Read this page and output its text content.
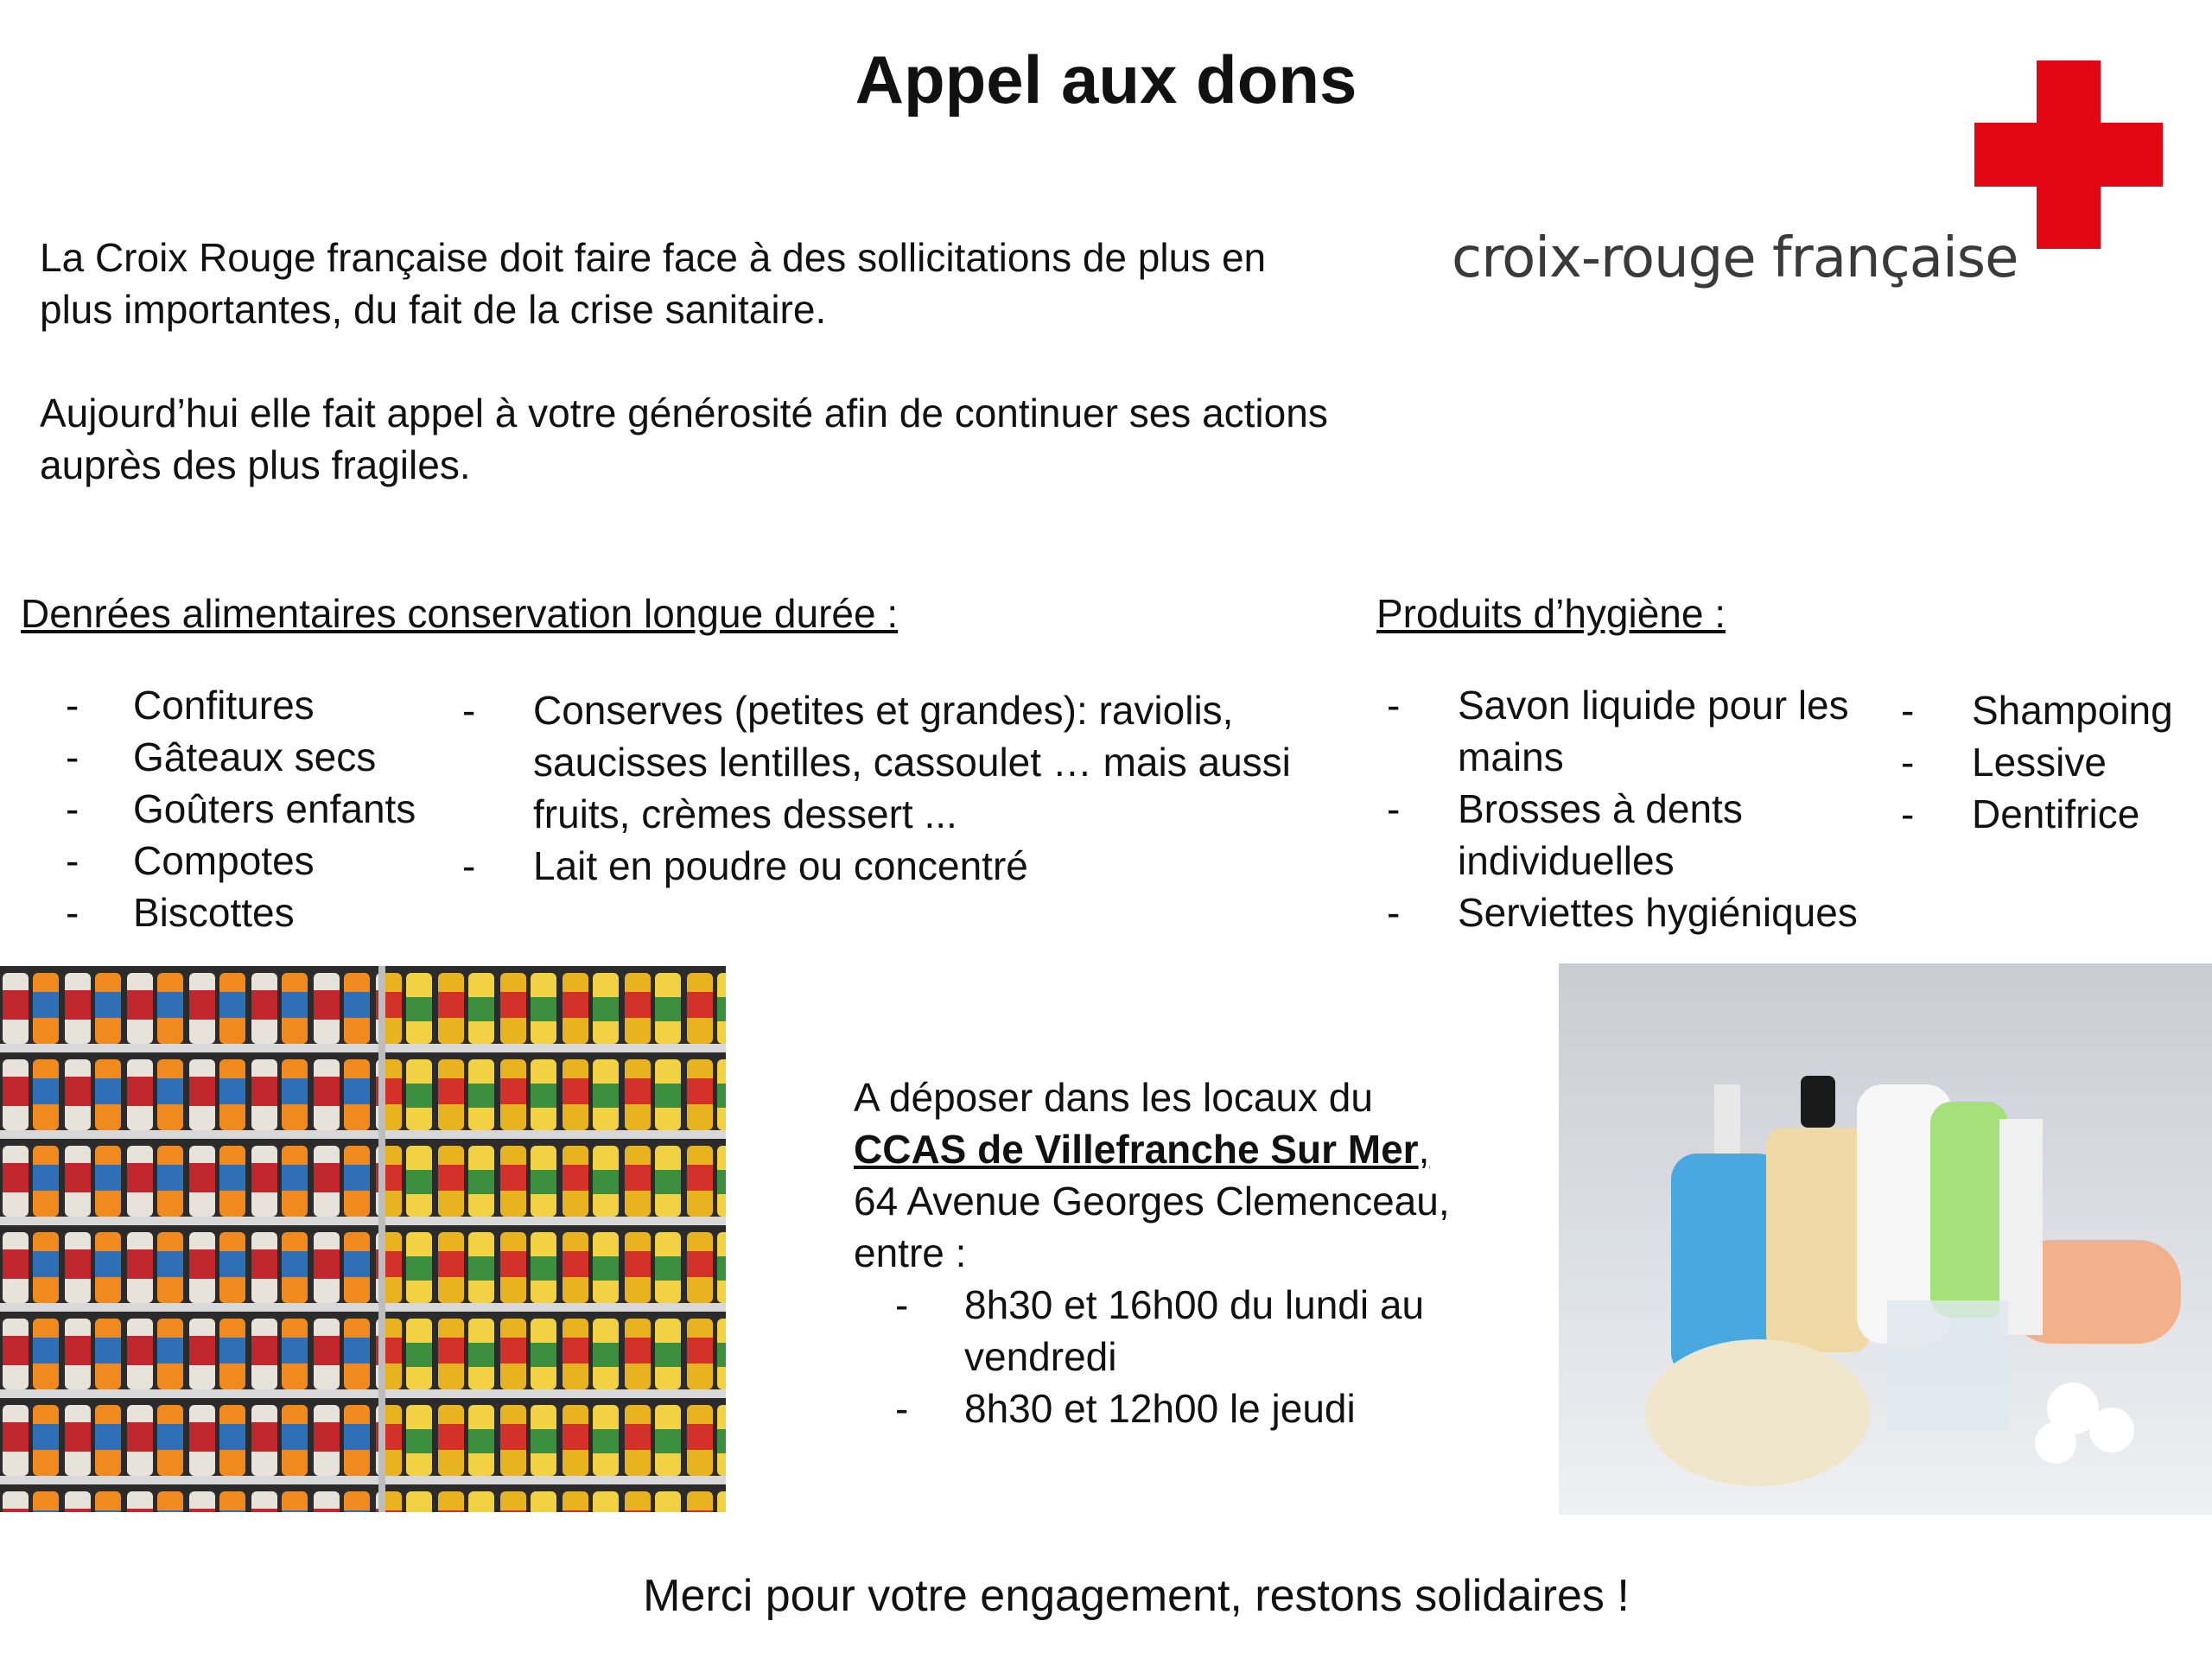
Appel aux dons

La Croix Rouge française doit faire face à des sollicitations de plus en plus importantes, du fait de la crise sanitaire.

Aujourd’hui elle fait appel à votre générosité afin de continuer ses actions auprès des plus fragiles.

croix-rouge française
Denrées alimentaires conservation longue durée :
- Confitures
- Gâteaux secs
- Goûters enfants
- Compotes
- Biscottes
- Conserves (petites et grandes): raviolis, saucisses lentilles, cassoulet … mais aussi fruits, crèmes dessert ...
- Lait en poudre ou concentré
Produits d’hygiène :
- Savon liquide pour les mains
- Brosses à dents individuelles
- Serviettes hygiéniques
- Shampoing
- Lessive
- Dentifrice
A déposer dans les locaux du
CCAS de Villefranche Sur Mer,
64 Avenue Georges Clemenceau,
entre :
- 8h30 et 16h00 du lundi au vendredi
- 8h30 et 12h00 le jeudi
Merci pour votre engagement, restons solidaires !
